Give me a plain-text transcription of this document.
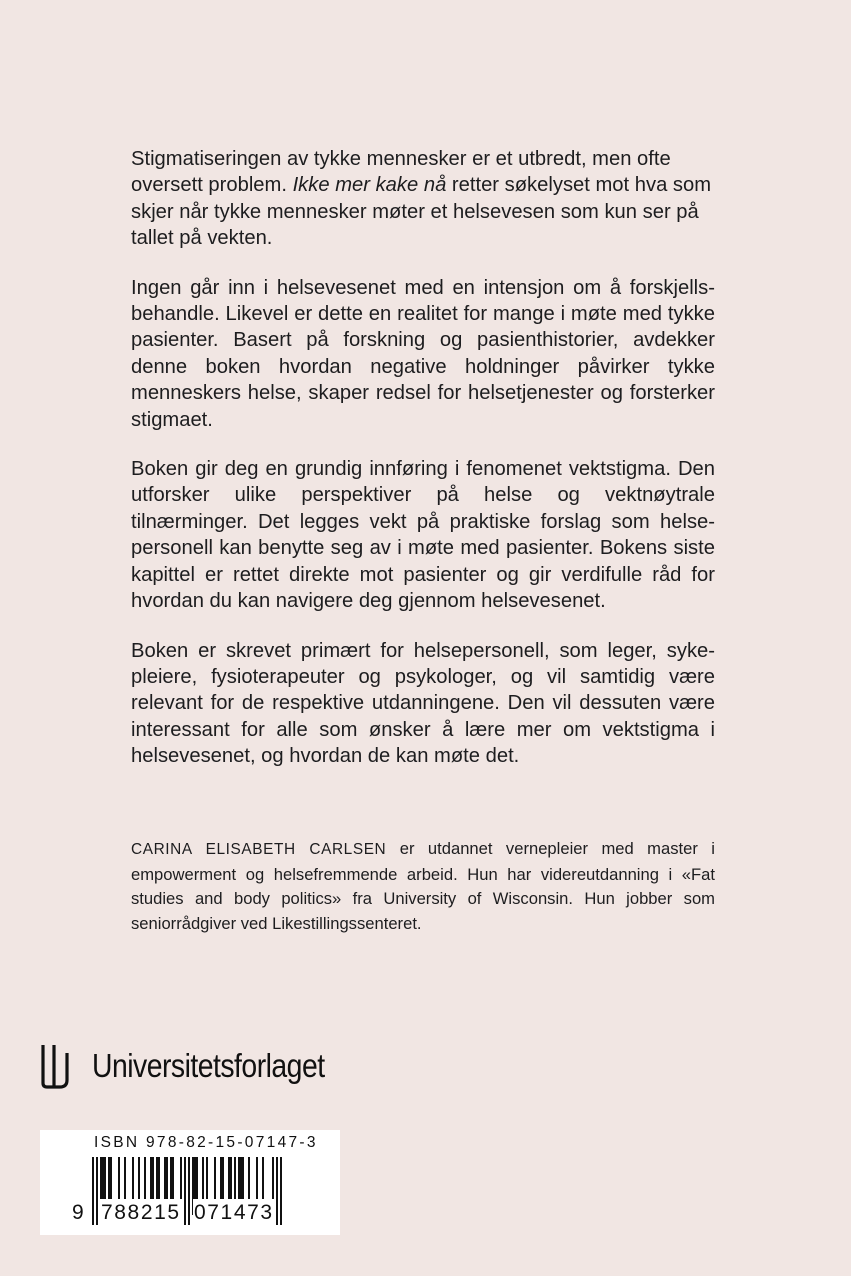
Stigmatiseringen av tykke mennesker er et utbredt, men ofte oversett problem. Ikke mer kake nå retter søkelyset mot hva som skjer når tykke mennesker møter et helsevesen som kun ser på tallet på vekten.

Ingen går inn i helsevesenet med en intensjon om å forskjellsbehandle. Likevel er dette en realitet for mange i møte med tykke pasienter. Basert på forskning og pasienthistorier, avdekker denne boken hvordan negative holdninger påvirker tykke menneskers helse, skaper redsel for helsetjenester og forsterker stigmaet.

Boken gir deg en grundig innføring i fenomenet vektstigma. Den utforsker ulike perspektiver på helse og vektnøytrale tilnærminger. Det legges vekt på praktiske forslag som helsepersonell kan benytte seg av i møte med pasienter. Bokens siste kapittel er rettet direkte mot pasienter og gir verdifulle råd for hvordan du kan navigere deg gjennom helsevesenet.

Boken er skrevet primært for helsepersonell, som leger, sykepleiere, fysioterapeuter og psykologer, og vil samtidig være relevant for de respektive utdanningene. Den vil dessuten være interessant for alle som ønsker å lære mer om vektstigma i helsevesenet, og hvordan de kan møte det.

CARINA ELISABETH CARLSEN er utdannet vernepleier med master i empowerment og helsefremmende arbeid. Hun har videreutdanning i «Fat studies and body politics» fra University of Wisconsin. Hun jobber som seniorrådgiver ved Likestillingssenteret.

Universitetsforlaget
ISBN 978-82-15-07147-3
9 788215 071473
